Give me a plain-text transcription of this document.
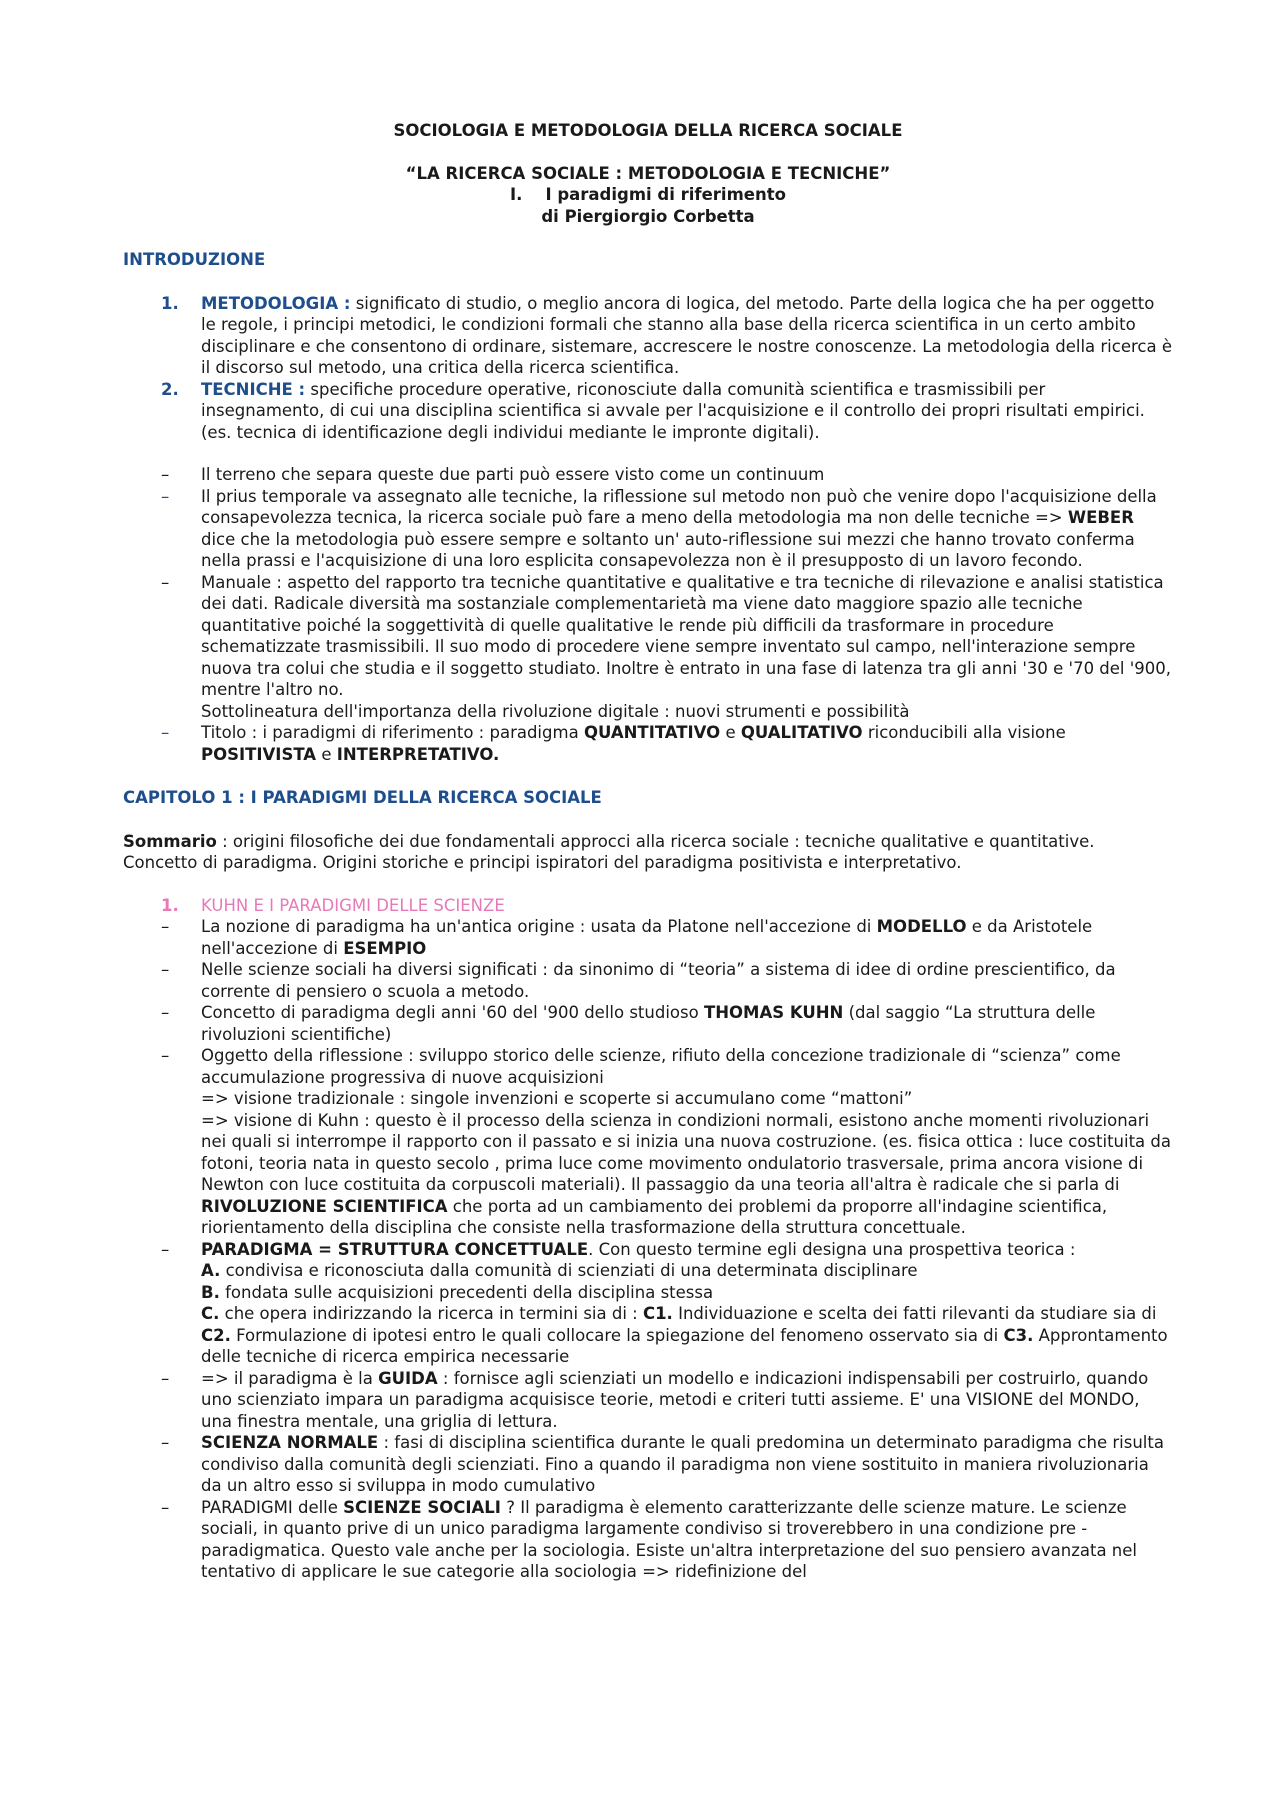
SOCIOLOGIA E METODOLOGIA DELLA RICERCA SOCIALE
“LA RICERCA SOCIALE : METODOLOGIA E TECNICHE”
I. I paradigmi di riferimento
di Piergiorgio Corbetta
INTRODUZIONE
1.	METODOLOGIA : significato di studio, o meglio ancora di logica, del metodo. Parte della logica che ha per oggetto le regole, i principi metodici, le condizioni formali che stanno alla base della ricerca scientifica in un certo ambito disciplinare e che consentono di ordinare, sistemare, accrescere le nostre conoscenze. La metodologia della ricerca è il discorso sul metodo, una critica della ricerca scientifica.
2.	TECNICHE : specifiche procedure operative, riconosciute dalla comunità scientifica e trasmissibili per insegnamento, di cui una disciplina scientifica si avvale per l'acquisizione e il controllo dei propri risultati empirici. (es. tecnica di identificazione degli individui mediante le impronte digitali).
–	Il terreno che separa queste due parti può essere visto come un continuum
–	Il prius temporale va assegnato alle tecniche, la riflessione sul metodo non può che venire dopo l'acquisizione della consapevolezza tecnica, la ricerca sociale può fare a meno della metodologia ma non delle tecniche => WEBER dice che la metodologia può essere sempre e soltanto un' auto-riflessione sui mezzi che hanno trovato conferma nella prassi e l'acquisizione di una loro esplicita consapevolezza non è il presupposto di un lavoro fecondo.
–	Manuale : aspetto del rapporto tra tecniche quantitative e qualitative e tra tecniche di rilevazione e analisi statistica dei dati. Radicale diversità ma sostanziale complementarietà ma viene dato maggiore spazio alle tecniche quantitative poiché la soggettività di quelle qualitative le rende più difficili da trasformare in procedure schematizzate trasmissibili. Il suo modo di procedere viene sempre inventato sul campo, nell'interazione sempre nuova tra colui che studia e il soggetto studiato. Inoltre è entrato in una fase di latenza tra gli anni '30 e '70 del '900, mentre l'altro no.
Sottolineatura dell'importanza della rivoluzione digitale : nuovi strumenti e possibilità
–	Titolo : i paradigmi di riferimento : paradigma QUANTITATIVO e QUALITATIVO riconducibili alla visione POSITIVISTA e INTERPRETATIVO.
CAPITOLO 1 : I PARADIGMI DELLA RICERCA SOCIALE
Sommario : origini filosofiche dei due fondamentali approcci alla ricerca sociale : tecniche qualitative e quantitative. Concetto di paradigma. Origini storiche e principi ispiratori del paradigma positivista e interpretativo.
1.	KUHN E I PARADIGMI DELLE SCIENZE
–	La nozione di paradigma ha un'antica origine : usata da Platone nell'accezione di MODELLO e da Aristotele nell'accezione di ESEMPIO
–	Nelle scienze sociali ha diversi significati : da sinonimo di “teoria” a sistema di idee di ordine prescientifico, da corrente di pensiero o scuola a metodo.
–	Concetto di paradigma degli anni '60 del '900 dello studioso THOMAS KUHN (dal saggio “La struttura delle rivoluzioni scientifiche)
–	Oggetto della riflessione : sviluppo storico delle scienze, rifiuto della concezione tradizionale di “scienza” come accumulazione progressiva di nuove acquisizioni
=> visione tradizionale : singole invenzioni e scoperte si accumulano come “mattoni”
=> visione di Kuhn : questo è il processo della scienza in condizioni normali, esistono anche momenti rivoluzionari nei quali si interrompe il rapporto con il passato e si inizia una nuova costruzione. (es. fisica ottica : luce costituita da fotoni, teoria nata in questo secolo , prima luce come movimento ondulatorio trasversale, prima ancora visione di Newton con luce costituita da corpuscoli materiali). Il passaggio da una teoria all'altra è radicale che si parla di RIVOLUZIONE SCIENTIFICA che porta ad un cambiamento dei problemi da proporre all'indagine scientifica, riorientamento della disciplina che consiste nella trasformazione della struttura concettuale.
–	PARADIGMA = STRUTTURA CONCETTUALE. Con questo termine egli designa una prospettiva teorica :
A. condivisa e riconosciuta dalla comunità di scienziati di una determinata disciplinare
B. fondata sulle acquisizioni precedenti della disciplina stessa
C. che opera indirizzando la ricerca in termini sia di : C1. Individuazione e scelta dei fatti rilevanti da studiare sia di C2. Formulazione di ipotesi entro le quali collocare la spiegazione del fenomeno osservato sia di C3. Approntamento delle tecniche di ricerca empirica necessarie
–	=> il paradigma è la GUIDA : fornisce agli scienziati un modello e indicazioni indispensabili per costruirlo, quando uno scienziato impara un paradigma acquisisce teorie, metodi e criteri tutti assieme. E' una VISIONE del MONDO, una finestra mentale, una griglia di lettura.
–	SCIENZA NORMALE : fasi di disciplina scientifica durante le quali predomina un determinato paradigma che risulta condiviso dalla comunità degli scienziati. Fino a quando il paradigma non viene sostituito in maniera rivoluzionaria da un altro esso si sviluppa in modo cumulativo
–	PARADIGMI delle SCIENZE SOCIALI ? Il paradigma è elemento caratterizzante delle scienze mature. Le scienze sociali, in quanto prive di un unico paradigma largamente condiviso si troverebbero in una condizione pre - paradigmatica. Questo vale anche per la sociologia. Esiste un'altra interpretazione del suo pensiero avanzata nel tentativo di applicare le sue categorie alla sociologia => ridefinizione del
